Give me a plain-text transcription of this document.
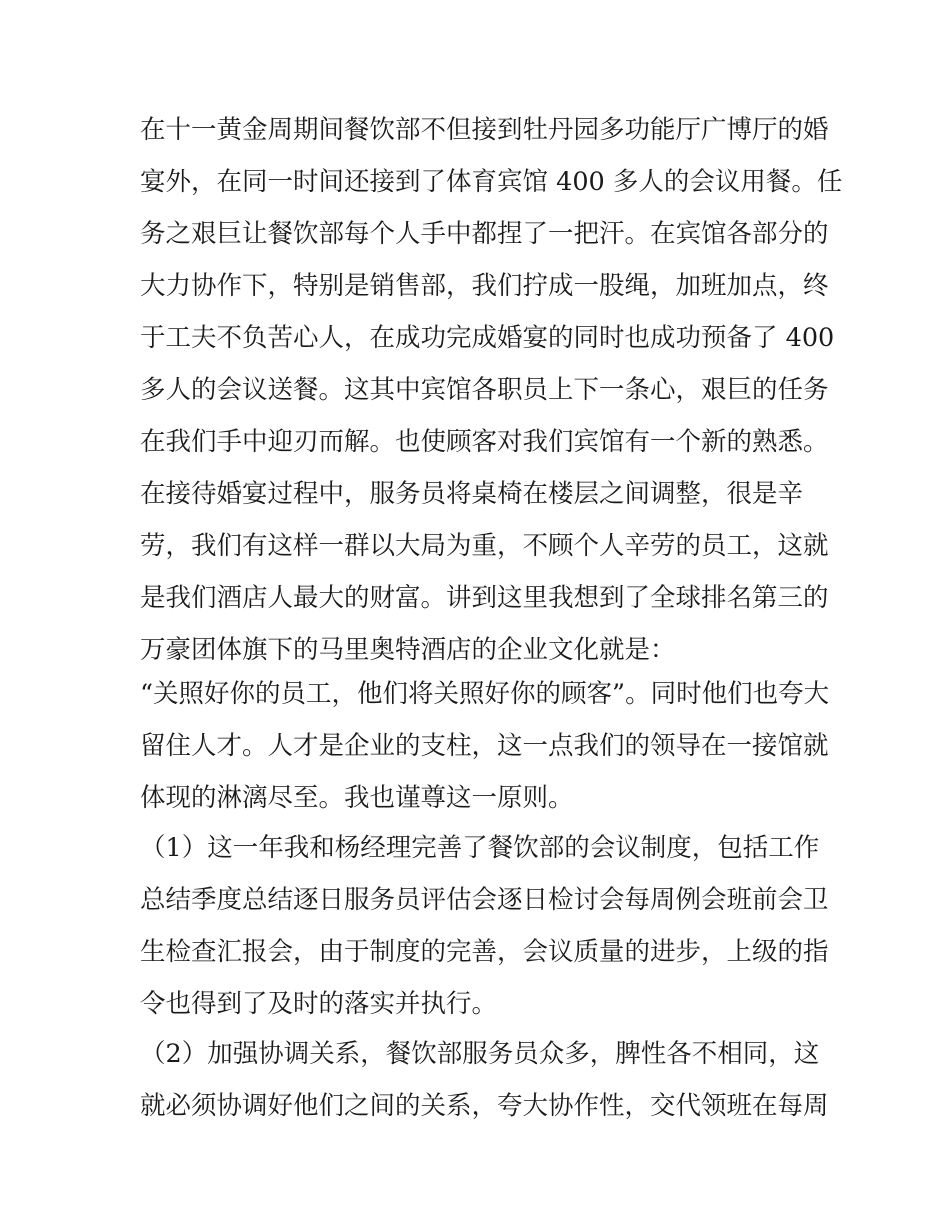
在十一黄金周期间餐饮部不但接到牡丹园多功能厅广博厅的婚
宴外，在同一时间还接到了体育宾馆 400 多人的会议用餐。任
务之艰巨让餐饮部每个人手中都捏了一把汗。在宾馆各部分的
大力协作下，特别是销售部，我们拧成一股绳，加班加点，终
于工夫不负苦心人，在成功完成婚宴的同时也成功预备了 400
多人的会议送餐。这其中宾馆各职员上下一条心，艰巨的任务
在我们手中迎刃而解。也使顾客对我们宾馆有一个新的熟悉。
在接待婚宴过程中，服务员将桌椅在楼层之间调整，很是辛
劳，我们有这样一群以大局为重，不顾个人辛劳的员工，这就
是我们酒店人最大的财富。讲到这里我想到了全球排名第三的
万豪团体旗下的马里奥特酒店的企业文化就是：
“关照好你的员工，他们将关照好你的顾客”。同时他们也夸大
留住人才。人才是企业的支柱，这一点我们的领导在一接馆就
体现的淋漓尽至。我也谨尊这一原则。
（1）这一年我和杨经理完善了餐饮部的会议制度，包括工作
总结季度总结逐日服务员评估会逐日检讨会每周例会班前会卫
生检查汇报会，由于制度的完善，会议质量的进步，上级的指
令也得到了及时的落实并执行。
（2）加强协调关系，餐饮部服务员众多，脾性各不相同，这
就必须协调好他们之间的关系，夸大协作性，交代领班在每周
